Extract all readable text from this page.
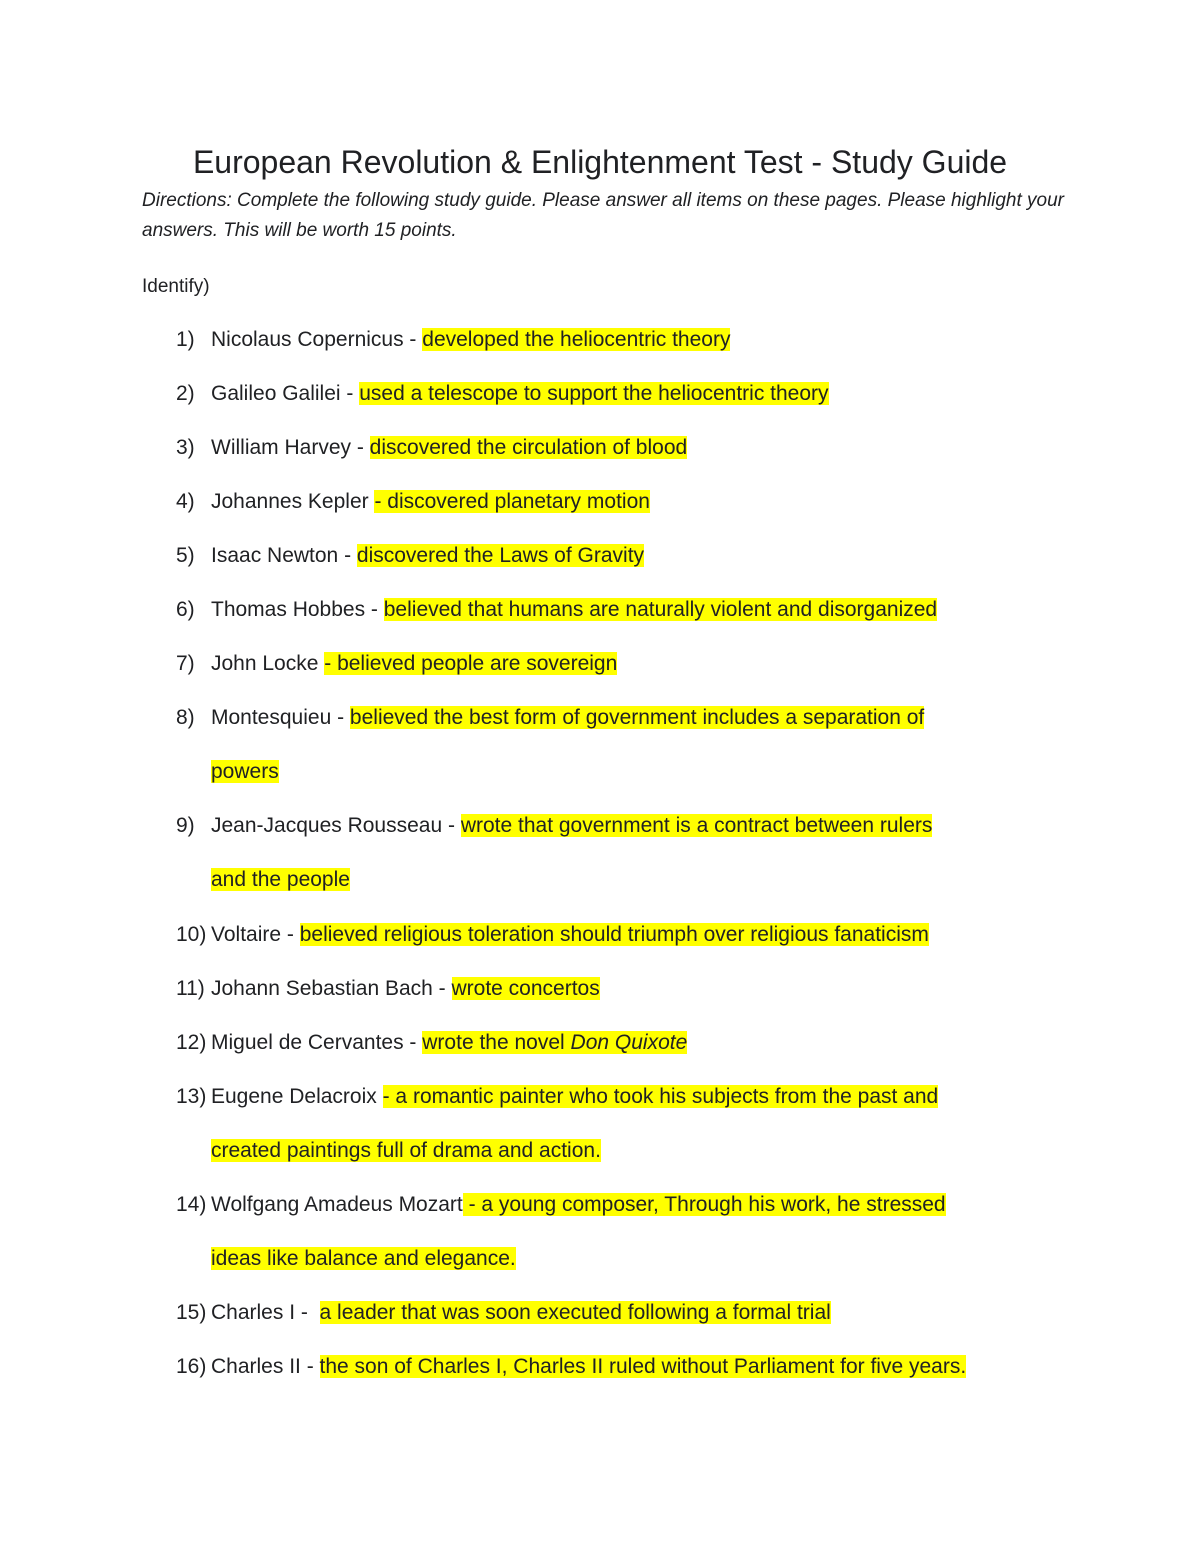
European Revolution & Enlightenment Test - Study Guide

Directions: Complete the following study guide. Please answer all items on these pages. Please highlight your answers. This will be worth 15 points.

Identify)

1) Nicolaus Copernicus - developed the heliocentric theory
2) Galileo Galilei - used a telescope to support the heliocentric theory
3) William Harvey - discovered the circulation of blood
4) Johannes Kepler - discovered planetary motion
5) Isaac Newton - discovered the Laws of Gravity
6) Thomas Hobbes - believed that humans are naturally violent and disorganized
7) John Locke - believed people are sovereign
8) Montesquieu - believed the best form of government includes a separation of
powers
9) Jean-Jacques Rousseau - wrote that government is a contract between rulers
and the people
10) Voltaire - believed religious toleration should triumph over religious fanaticism
11) Johann Sebastian Bach - wrote concertos
12) Miguel de Cervantes - wrote the novel Don Quixote
13) Eugene Delacroix - a romantic painter who took his subjects from the past and
created paintings full of drama and action.
14) Wolfgang Amadeus Mozart - a young composer, Through his work, he stressed
ideas like balance and elegance.
15) Charles I -  a leader that was soon executed following a formal trial
16) Charles II - the son of Charles I, Charles II ruled without Parliament for five years.
